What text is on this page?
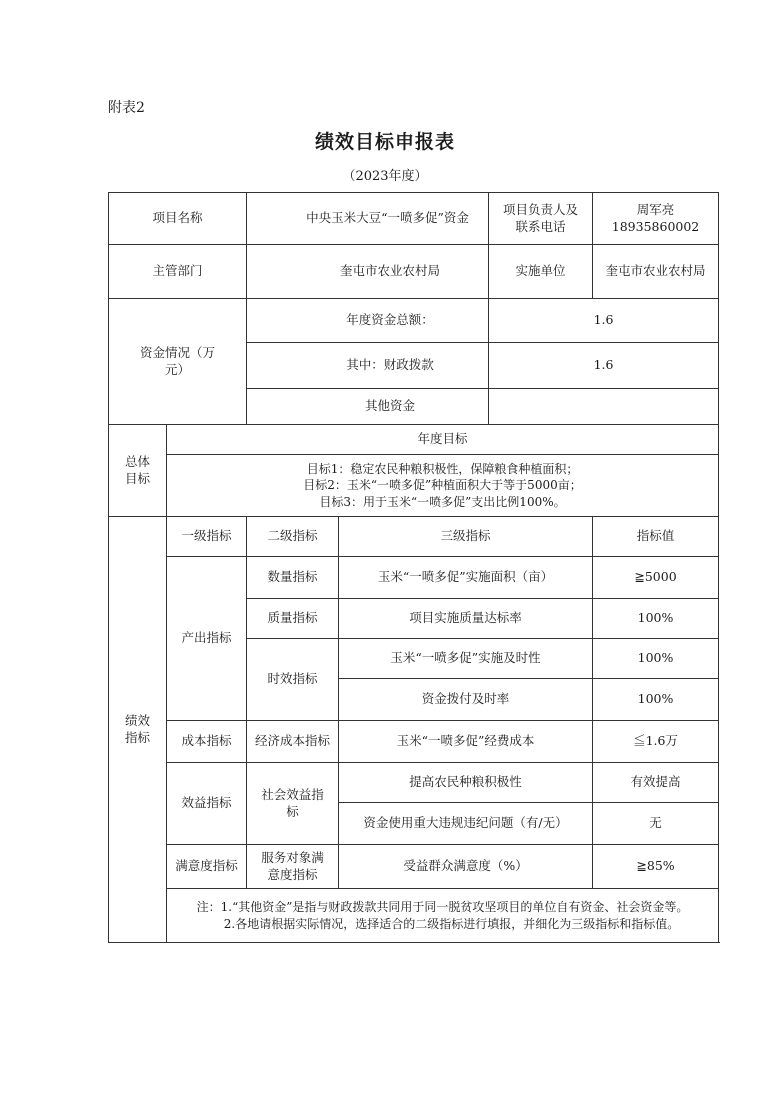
附表2
绩效目标申报表
（2023年度）
项目名称		中央玉米大豆“一喷多促”资金		项目负责人及联系电话	周军亮 18935860002
主管部门		奎屯市农业农村局		实施单位	奎屯市农业农村局
资金情况（万元）		年度资金总额：		1.6	
		其中：财政拨款		1.6	
		其他资金			
总体目标	年度目标				

	目标1：稳定农民种粮积极性，保障粮食种植面积；
目标2：玉米“一喷多促”种植面积大于等于5000亩；
目标3：用于玉米“一喷多促”支出比例100%。				

绩效指标	一级指标	二级指标	三级指标		指标值
	产出指标	数量指标	玉米“一喷多促”实施面积（亩）		≧5000
		质量指标	项目实施质量达标率		100%
		时效指标	玉米“一喷多促”实施及时性		100%
			资金拨付及时率		100%
	成本指标	经济成本指标	玉米“一喷多促”经费成本		≦1.6万
	效益指标	社会效益指标	提高农民种粮积极性		有效提高
			资金使用重大违规违纪问题（有/无）		无
	满意度指标	服务对象满意度指标	受益群众满意度（%）		≧85%

	注：1.“其他资金”是指与财政拨款共同用于同一脱贫攻坚项目的单位自有资金、社会资金等。
2.各地请根据实际情况，选择适合的二级指标进行填报，并细化为三级指标和指标值。				
